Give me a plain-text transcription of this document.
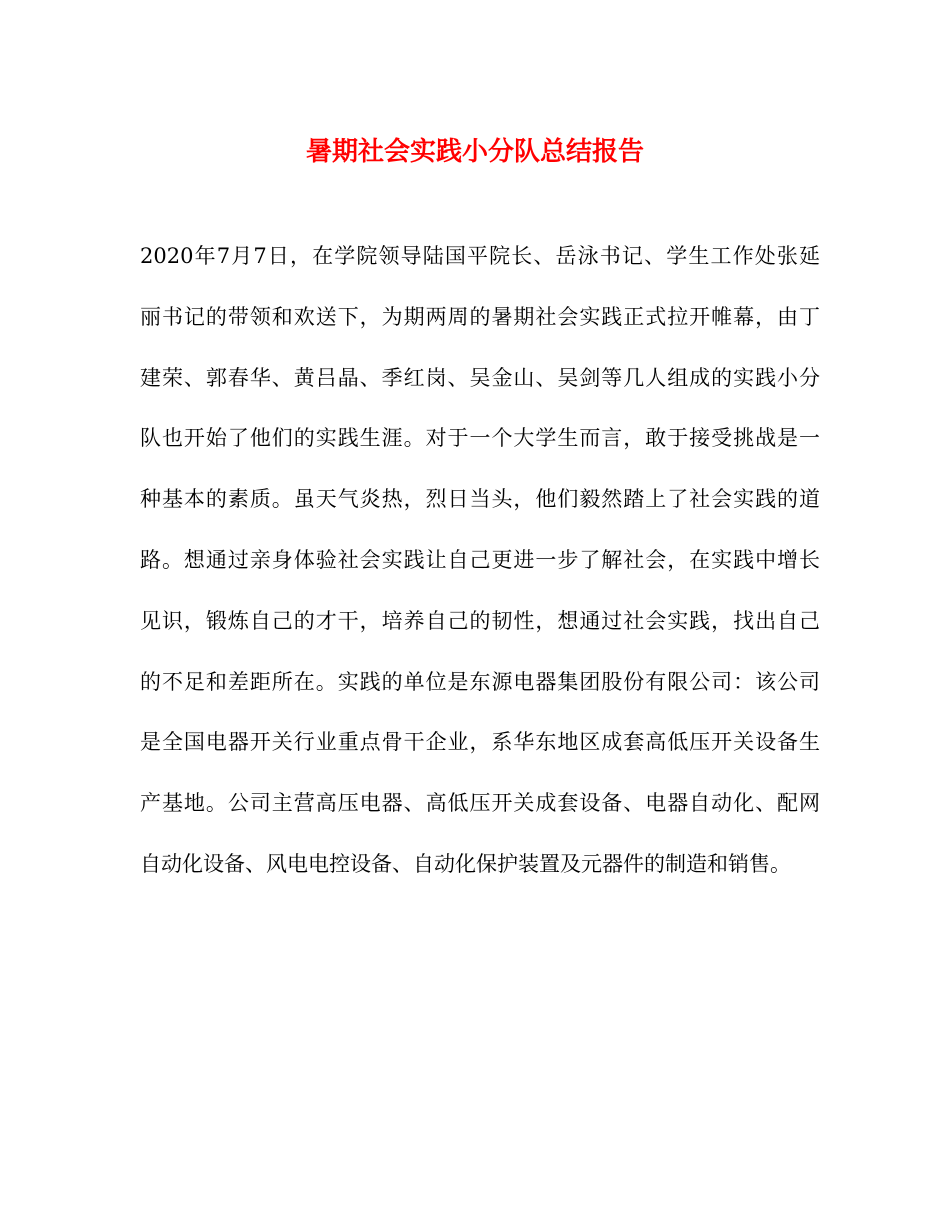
暑期社会实践小分队总结报告
2020年7月7日，在学院领导陆国平院长、岳泳书记、学生工作处张延
丽书记的带领和欢送下，为期两周的暑期社会实践正式拉开帷幕，由丁
建荣、郭春华、黄吕晶、季红岗、吴金山、吴剑等几人组成的实践小分
队也开始了他们的实践生涯。对于一个大学生而言，敢于接受挑战是一
种基本的素质。虽天气炎热，烈日当头，他们毅然踏上了社会实践的道
路。想通过亲身体验社会实践让自己更进一步了解社会，在实践中增长
见识，锻炼自己的才干，培养自己的韧性，想通过社会实践，找出自己
的不足和差距所在。实践的单位是东源电器集团股份有限公司：该公司
是全国电器开关行业重点骨干企业，系华东地区成套高低压开关设备生
产基地。公司主营高压电器、高低压开关成套设备、电器自动化、配网
自动化设备、风电电控设备、自动化保护装置及元器件的制造和销售。
